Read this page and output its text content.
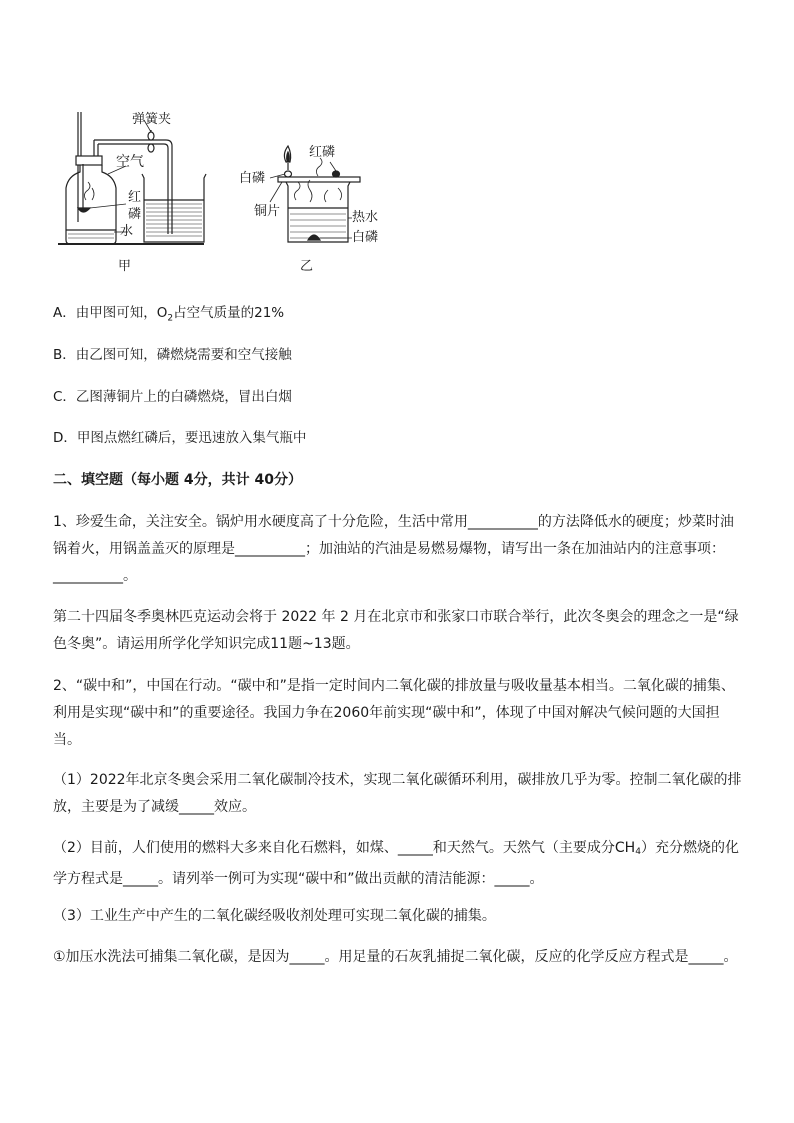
弹簧夹
空气
红
磷
水
甲
红磷
白磷
铜片	热水
白磷
乙
A．由甲图可知，$O_2$占空气质量的21%
B．由乙图可知，磷燃烧需要和空气接触
C．乙图薄铜片上的白磷燃烧，冒出白烟
D．甲图点燃红磷后，要迅速放入集气瓶中
二、填空题（每小题 4分，共计 40分）
1、珍爱生命，关注安全。锅炉用水硬度高了十分危险，生活中常用__________的方法降低水的硬度；炒菜时油锅着火，用锅盖盖灭的原理是__________；加油站的汽油是易燃易爆物，请写出一条在加油站内的注意事项：__________。
第二十四届冬季奥林匹克运动会将于 2022 年 2 月在北京市和张家口市联合举行，此次冬奥会的理念之一是“绿色冬奥”。请运用所学化学知识完成11题~13题。
2、“碳中和”，中国在行动。“碳中和”是指一定时间内二氧化碳的排放量与吸收量基本相当。二氧化碳的捕集、利用是实现“碳中和”的重要途径。我国力争在2060年前实现“碳中和”，体现了中国对解决气候问题的大国担当。
（1）2022年北京冬奥会采用二氧化碳制冷技术，实现二氧化碳循环利用，碳排放几乎为零。控制二氧化碳的排放，主要是为了减缓_____效应。
（2）目前，人们使用的燃料大多来自化石燃料，如煤、_____和天然气。天然气（主要成分$CH_4$）充分燃烧的化学方程式是_____。请列举一例可为实现“碳中和”做出贡献的清洁能源：_____。
（3）工业生产中产生的二氧化碳经吸收剂处理可实现二氧化碳的捕集。
①加压水洗法可捕集二氧化碳，是因为_____。用足量的石灰乳捕捉二氧化碳，反应的化学反应方程式是_____。
